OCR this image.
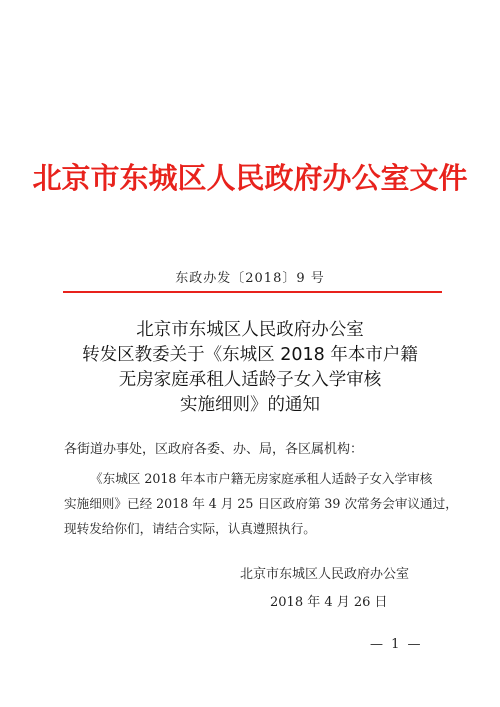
北京市东城区人民政府办公室文件
东政办发〔2018〕9 号
北京市东城区人民政府办公室
转发区教委关于《东城区 2018 年本市户籍
无房家庭承租人适龄子女入学审核
实施细则》的通知
各街道办事处，区政府各委、办、局，各区属机构：
《东城区 2018 年本市户籍无房家庭承租人适龄子女入学审核
实施细则》已经 2018 年 4 月 25 日区政府第 39 次常务会审议通过，
现转发给你们，请结合实际，认真遵照执行。
北京市东城区人民政府办公室
2018 年 4 月 26 日
— 1 —
